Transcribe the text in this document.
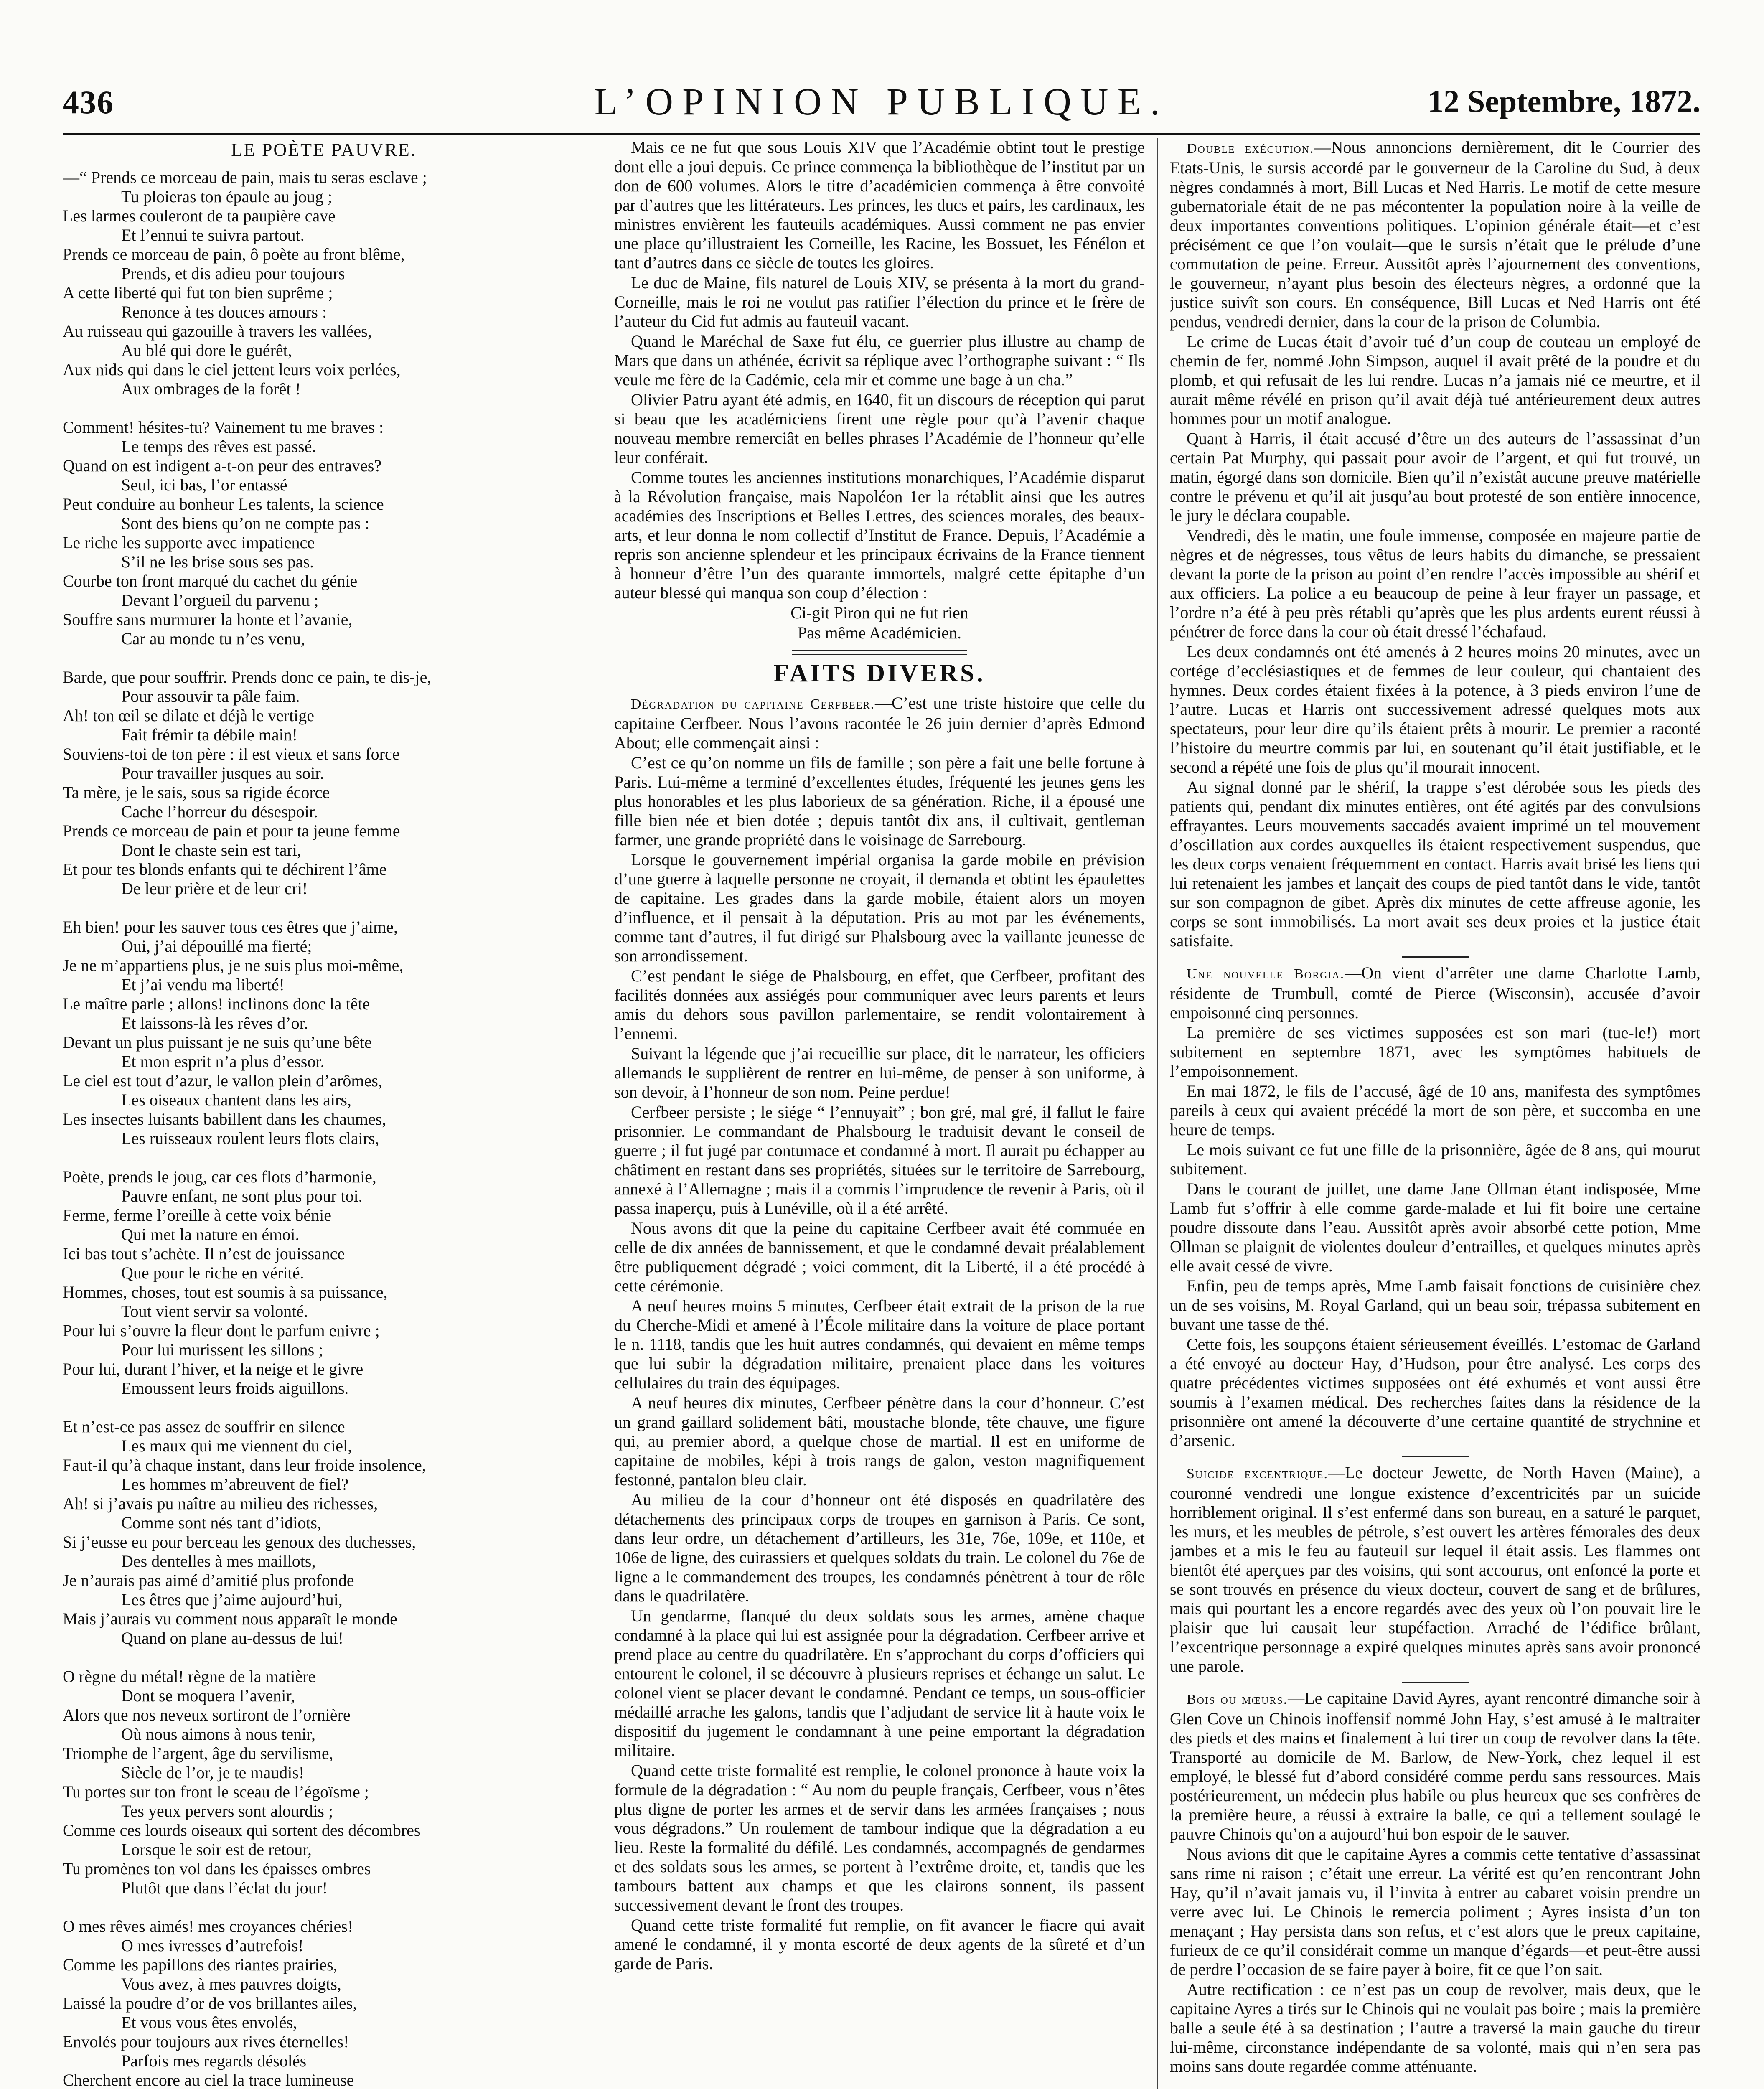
436	L’OPINION PUBLIQUE.	12 Septembre, 1872.
LE POÈTE PAUVRE.
—“ Prends ce morceau de pain, mais tu seras esclave ;
Tu ploieras ton épaule au joug ;
Les larmes couleront de ta paupière cave
Et l’ennui te suivra partout.
Prends ce morceau de pain, ô poète au front blême,
Prends, et dis adieu pour toujours
A cette liberté qui fut ton bien suprême ;
Renonce à tes douces amours :
Au ruisseau qui gazouille à travers les vallées,
Au blé qui dore le guérêt,
Aux nids qui dans le ciel jettent leurs voix perlées,
Aux ombrages de la forêt !
Comment! hésites-tu? Vainement tu me braves :
Le temps des rêves est passé.
Quand on est indigent a-t-on peur des entraves?
Seul, ici bas, l’or entassé
Peut conduire au bonheur Les talents, la science
Sont des biens qu’on ne compte pas :
Le riche les supporte avec impatience
S’il ne les brise sous ses pas.
Courbe ton front marqué du cachet du génie
Devant l’orgueil du parvenu ;
Souffre sans murmurer la honte et l’avanie,
Car au monde tu n’es venu,
Barde, que pour souffrir. Prends donc ce pain, te dis-je,
Pour assouvir ta pâle faim.
Ah! ton œil se dilate et déjà le vertige
Fait frémir ta débile main!
Souviens-toi de ton père : il est vieux et sans force
Pour travailler jusques au soir.
Ta mère, je le sais, sous sa rigide écorce
Cache l’horreur du désespoir.
Prends ce morceau de pain et pour ta jeune femme
Dont le chaste sein est tari,
Et pour tes blonds enfants qui te déchirent l’âme
De leur prière et de leur cri!
Eh bien! pour les sauver tous ces êtres que j’aime,
Oui, j’ai dépouillé ma fierté;
Je ne m’appartiens plus, je ne suis plus moi-même,
Et j’ai vendu ma liberté!
Le maître parle ; allons! inclinons donc la tête
Et laissons-là les rêves d’or.
Devant un plus puissant je ne suis qu’une bête
Et mon esprit n’a plus d’essor.
Le ciel est tout d’azur, le vallon plein d’arômes,
Les oiseaux chantent dans les airs,
Les insectes luisants babillent dans les chaumes,
Les ruisseaux roulent leurs flots clairs,
Poète, prends le joug, car ces flots d’harmonie,
Pauvre enfant, ne sont plus pour toi.
Ferme, ferme l’oreille à cette voix bénie
Qui met la nature en émoi.
Ici bas tout s’achète. Il n’est de jouissance
Que pour le riche en vérité.
Hommes, choses, tout est soumis à sa puissance,
Tout vient servir sa volonté.
Pour lui s’ouvre la fleur dont le parfum enivre ;
Pour lui murissent les sillons ;
Pour lui, durant l’hiver, et la neige et le givre
Emoussent leurs froids aiguillons.
Et n’est-ce pas assez de souffrir en silence
Les maux qui me viennent du ciel,
Faut-il qu’à chaque instant, dans leur froide insolence,
Les hommes m’abreuvent de fiel?
Ah! si j’avais pu naître au milieu des richesses,
Comme sont nés tant d’idiots,
Si j’eusse eu pour berceau les genoux des duchesses,
Des dentelles à mes maillots,
Je n’aurais pas aimé d’amitié plus profonde
Les êtres que j’aime aujourd’hui,
Mais j’aurais vu comment nous apparaît le monde
Quand on plane au-dessus de lui!
O règne du métal! règne de la matière
Dont se moquera l’avenir,
Alors que nos neveux sortiront de l’ornière
Où nous aimons à nous tenir,
Triomphe de l’argent, âge du servilisme,
Siècle de l’or, je te maudis!
Tu portes sur ton front le sceau de l’égoïsme ;
Tes yeux pervers sont alourdis ;
Comme ces lourds oiseaux qui sortent des décombres
Lorsque le soir est de retour,
Tu promènes ton vol dans les épaisses ombres
Plutôt que dans l’éclat du jour!
O mes rêves aimés! mes croyances chéries!
O mes ivresses d’autrefois!
Comme les papillons des riantes prairies,
Vous avez, à mes pauvres doigts,
Laissé la poudre d’or de vos brillantes ailes,
Et vous vous êtes envolés,
Envolés pour toujours aux rives éternelles!
Parfois mes regards désolés
Cherchent encore au ciel la trace lumineuse

Mais ce ne fut que sous Louis XIV que l’Académie obtint tout le prestige dont elle a joui depuis. Ce prince commença la bibliothèque de l’institut par un don de 600 volumes. Alors le titre d’académicien commença à être convoité par d’autres que les littérateurs. Les princes, les ducs et pairs, les cardinaux, les ministres envièrent les fauteuils académiques. Aussi comment ne pas envier une place qu’illustraient les Corneille, les Racine, les Bossuet, les Fénélon et tant d’autres dans ce siècle de toutes les gloires.

Le duc de Maine, fils naturel de Louis XIV, se présenta à la mort du grand-Corneille, mais le roi ne voulut pas ratifier l’élection du prince et le frère de l’auteur du Cid fut admis au fauteuil vacant.

Quand le Maréchal de Saxe fut élu, ce guerrier plus illustre au champ de Mars que dans un athénée, écrivit sa réplique avec l’orthographe suivant : “ Ils veule me fère de la Cadémie, cela mir et comme une bage à un cha.”

Olivier Patru ayant été admis, en 1640, fit un discours de réception qui parut si beau que les académiciens firent une règle pour qu’à l’avenir chaque nouveau membre remerciât en belles phrases l’Académie de l’honneur qu’elle leur conférait.

Comme toutes les anciennes institutions monarchiques, l’Académie disparut à la Révolution française, mais Napoléon 1er la rétablit ainsi que les autres académies des Inscriptions et Belles Lettres, des sciences morales, des beaux-arts, et leur donna le nom collectif d’Institut de France. Depuis, l’Académie a repris son ancienne splendeur et les principaux écrivains de la France tiennent à honneur d’être l’un des quarante immortels, malgré cette épitaphe d’un auteur blessé qui manqua son coup d’élection :

Ci-git Piron qui ne fut rien

Pas même Académicien.

FAITS DIVERS.

Dégradation du capitaine Cerfbeer.—C’est une triste histoire que celle du capitaine Cerfbeer. Nous l’avons racontée le 26 juin dernier d’après Edmond About; elle commençait ainsi :

C’est ce qu’on nomme un fils de famille ; son père a fait une belle fortune à Paris. Lui-même a terminé d’excellentes études, fréquenté les jeunes gens les plus honorables et les plus laborieux de sa génération. Riche, il a épousé une fille bien née et bien dotée ; depuis tantôt dix ans, il cultivait, gentleman farmer, une grande propriété dans le voisinage de Sarrebourg.

Lorsque le gouvernement impérial organisa la garde mobile en prévision d’une guerre à laquelle personne ne croyait, il demanda et obtint les épaulettes de capitaine. Les grades dans la garde mobile, étaient alors un moyen d’influence, et il pensait à la députation. Pris au mot par les événements, comme tant d’autres, il fut dirigé sur Phalsbourg avec la vaillante jeunesse de son arrondissement.

C’est pendant le siége de Phalsbourg, en effet, que Cerfbeer, profitant des facilités données aux assiégés pour communiquer avec leurs parents et leurs amis du dehors sous pavillon parlementaire, se rendit volontairement à l’ennemi.

Suivant la légende que j’ai recueillie sur place, dit le narrateur, les officiers allemands le supplièrent de rentrer en lui-même, de penser à son uniforme, à son devoir, à l’honneur de son nom. Peine perdue!

Cerfbeer persiste ; le siége “ l’ennuyait” ; bon gré, mal gré, il fallut le faire prisonnier. Le commandant de Phalsbourg le traduisit devant le conseil de guerre ; il fut jugé par contumace et condamné à mort. Il aurait pu échapper au châtiment en restant dans ses propriétés, situées sur le territoire de Sarrebourg, annexé à l’Allemagne ; mais il a commis l’imprudence de revenir à Paris, où il passa inaperçu, puis à Lunéville, où il a été arrêté.

Nous avons dit que la peine du capitaine Cerfbeer avait été commuée en celle de dix années de bannissement, et que le condamné devait préalablement être publiquement dégradé ; voici comment, dit la Liberté, il a été procédé à cette cérémonie.

A neuf heures moins 5 minutes, Cerfbeer était extrait de la prison de la rue du Cherche-Midi et amené à l’École militaire dans la voiture de place portant le n. 1118, tandis que les huit autres condamnés, qui devaient en même temps que lui subir la dégradation militaire, prenaient place dans les voitures cellulaires du train des équipages.

A neuf heures dix minutes, Cerfbeer pénètre dans la cour d’honneur. C’est un grand gaillard solidement bâti, moustache blonde, tête chauve, une figure qui, au premier abord, a quelque chose de martial. Il est en uniforme de capitaine de mobiles, képi à trois rangs de galon, veston magnifiquement festonné, pantalon bleu clair.

Au milieu de la cour d’honneur ont été disposés en quadrilatère des détachements des principaux corps de troupes en garnison à Paris. Ce sont, dans leur ordre, un détachement d’artilleurs, les 31e, 76e, 109e, et 110e, et 106e de ligne, des cuirassiers et quelques soldats du train. Le colonel du 76e de ligne a le commandement des troupes, les condamnés pénètrent à tour de rôle dans le quadrilatère.

Un gendarme, flanqué du deux soldats sous les armes, amène chaque condamné à la place qui lui est assignée pour la dégradation. Cerfbeer arrive et prend place au centre du quadrilatère. En s’approchant du corps d’officiers qui entourent le colonel, il se découvre à plusieurs reprises et échange un salut. Le colonel vient se placer devant le condamné. Pendant ce temps, un sous-officier médaillé arrache les galons, tandis que l’adjudant de service lit à haute voix le dispositif du jugement le condamnant à une peine emportant la dégradation militaire.

Quand cette triste formalité est remplie, le colonel prononce à haute voix la formule de la dégradation : “ Au nom du peuple français, Cerfbeer, vous n’êtes plus digne de porter les armes et de servir dans les armées françaises ; nous vous dégradons.” Un roulement de tambour indique que la dégradation a eu lieu. Reste la formalité du défilé. Les condamnés, accompagnés de gendarmes et des soldats sous les armes, se portent à l’extrême droite, et, tandis que les tambours battent aux champs et que les clairons sonnent, ils passent successivement devant le front des troupes.

Quand cette triste formalité fut remplie, on fit avancer le fiacre qui avait amené le condamné, il y monta escorté de deux agents de la sûreté et d’un garde de Paris.

Double exécution.—Nous annoncions dernièrement, dit le Courrier des Etats-Unis, le sursis accordé par le gouverneur de la Caroline du Sud, à deux nègres condamnés à mort, Bill Lucas et Ned Harris. Le motif de cette mesure gubernatoriale était de ne pas mécontenter la population noire à la veille de deux importantes conventions politiques. L’opinion générale était—et c’est précisément ce que l’on voulait—que le sursis n’était que le prélude d’une commutation de peine. Erreur. Aussitôt après l’ajournement des conventions, le gouverneur, n’ayant plus besoin des électeurs nègres, a ordonné que la justice suivît son cours. En conséquence, Bill Lucas et Ned Harris ont été pendus, vendredi dernier, dans la cour de la prison de Columbia.

Le crime de Lucas était d’avoir tué d’un coup de couteau un employé de chemin de fer, nommé John Simpson, auquel il avait prêté de la poudre et du plomb, et qui refusait de les lui rendre. Lucas n’a jamais nié ce meurtre, et il aurait même révélé en prison qu’il avait déjà tué antérieurement deux autres hommes pour un motif analogue.

Quant à Harris, il était accusé d’être un des auteurs de l’assassinat d’un certain Pat Murphy, qui passait pour avoir de l’argent, et qui fut trouvé, un matin, égorgé dans son domicile. Bien qu’il n’existât aucune preuve matérielle contre le prévenu et qu’il ait jusqu’au bout protesté de son entière innocence, le jury le déclara coupable.

Vendredi, dès le matin, une foule immense, composée en majeure partie de nègres et de négresses, tous vêtus de leurs habits du dimanche, se pressaient devant la porte de la prison au point d’en rendre l’accès impossible au shérif et aux officiers. La police a eu beaucoup de peine à leur frayer un passage, et l’ordre n’a été à peu près rétabli qu’après que les plus ardents eurent réussi à pénétrer de force dans la cour où était dressé l’échafaud.

Les deux condamnés ont été amenés à 2 heures moins 20 minutes, avec un cortége d’ecclésiastiques et de femmes de leur couleur, qui chantaient des hymnes. Deux cordes étaient fixées à la potence, à 3 pieds environ l’une de l’autre. Lucas et Harris ont successivement adressé quelques mots aux spectateurs, pour leur dire qu’ils étaient prêts à mourir. Le premier a raconté l’histoire du meurtre commis par lui, en soutenant qu’il était justifiable, et le second a répété une fois de plus qu’il mourait innocent.

Au signal donné par le shérif, la trappe s’est dérobée sous les pieds des patients qui, pendant dix minutes entières, ont été agités par des convulsions effrayantes. Leurs mouvements saccadés avaient imprimé un tel mouvement d’oscillation aux cordes auxquelles ils étaient respectivement suspendus, que les deux corps venaient fréquemment en contact. Harris avait brisé les liens qui lui retenaient les jambes et lançait des coups de pied tantôt dans le vide, tantôt sur son compagnon de gibet. Après dix minutes de cette affreuse agonie, les corps se sont immobilisés. La mort avait ses deux proies et la justice était satisfaite.

Une nouvelle Borgia.—On vient d’arrêter une dame Charlotte Lamb, résidente de Trumbull, comté de Pierce (Wisconsin), accusée d’avoir empoisonné cinq personnes.

La première de ses victimes supposées est son mari (tue-le!) mort subitement en septembre 1871, avec les symptômes habituels de l’empoisonnement.

En mai 1872, le fils de l’accusé, âgé de 10 ans, manifesta des symptômes pareils à ceux qui avaient précédé la mort de son père, et succomba en une heure de temps.

Le mois suivant ce fut une fille de la prisonnière, âgée de 8 ans, qui mourut subitement.

Dans le courant de juillet, une dame Jane Ollman étant indisposée, Mme Lamb fut s’offrir à elle comme garde-malade et lui fit boire une certaine poudre dissoute dans l’eau. Aussitôt après avoir absorbé cette potion, Mme Ollman se plaignit de violentes douleur d’entrailles, et quelques minutes après elle avait cessé de vivre.

Enfin, peu de temps après, Mme Lamb faisait fonctions de cuisinière chez un de ses voisins, M. Royal Garland, qui un beau soir, trépassa subitement en buvant une tasse de thé.

Cette fois, les soupçons étaient sérieusement éveillés. L’estomac de Garland a été envoyé au docteur Hay, d’Hudson, pour être analysé. Les corps des quatre précédentes victimes supposées ont été exhumés et vont aussi être soumis à l’examen médical. Des recherches faites dans la résidence de la prisonnière ont amené la découverte d’une certaine quantité de strychnine et d’arsenic.

Suicide excentrique.—Le docteur Jewette, de North Haven (Maine), a couronné vendredi une longue existence d’excentricités par un suicide horriblement original. Il s’est enfermé dans son bureau, en a saturé le parquet, les murs, et les meubles de pétrole, s’est ouvert les artères fémorales des deux jambes et a mis le feu au fauteuil sur lequel il était assis. Les flammes ont bientôt été aperçues par des voisins, qui sont accourus, ont enfoncé la porte et se sont trouvés en présence du vieux docteur, couvert de sang et de brûlures, mais qui pourtant les a encore regardés avec des yeux où l’on pouvait lire le plaisir que lui causait leur stupéfaction. Arraché de l’édifice brûlant, l’excentrique personnage a expiré quelques minutes après sans avoir prononcé une parole.

Bois ou mœurs.—Le capitaine David Ayres, ayant rencontré dimanche soir à Glen Cove un Chinois inoffensif nommé John Hay, s’est amusé à le maltraiter des pieds et des mains et finalement à lui tirer un coup de revolver dans la tête. Transporté au domicile de M. Barlow, de New-York, chez lequel il est employé, le blessé fut d’abord considéré comme perdu sans ressources. Mais postérieurement, un médecin plus habile ou plus heureux que ses confrères de la première heure, a réussi à extraire la balle, ce qui a tellement soulagé le pauvre Chinois qu’on a aujourd’hui bon espoir de le sauver.

Nous avions dit que le capitaine Ayres a commis cette tentative d’assassinat sans rime ni raison ; c’était une erreur. La vérité est qu’en rencontrant John Hay, qu’il n’avait jamais vu, il l’invita à entrer au cabaret voisin prendre un verre avec lui. Le Chinois le remercia poliment ; Ayres insista d’un ton menaçant ; Hay persista dans son refus, et c’est alors que le preux capitaine, furieux de ce qu’il considérait comme un manque d’égards—et peut-être aussi de perdre l’occasion de se faire payer à boire, fit ce que l’on sait.

Autre rectification : ce n’est pas un coup de revolver, mais deux, que le capitaine Ayres a tirés sur le Chinois qui ne voulait pas boire ; mais la première balle a seule été à sa destination ; l’autre a traversé la main gauche du tireur lui-même, circonstance indépendante de sa volonté, mais qui n’en sera pas moins sans doute regardée comme atténuante.
